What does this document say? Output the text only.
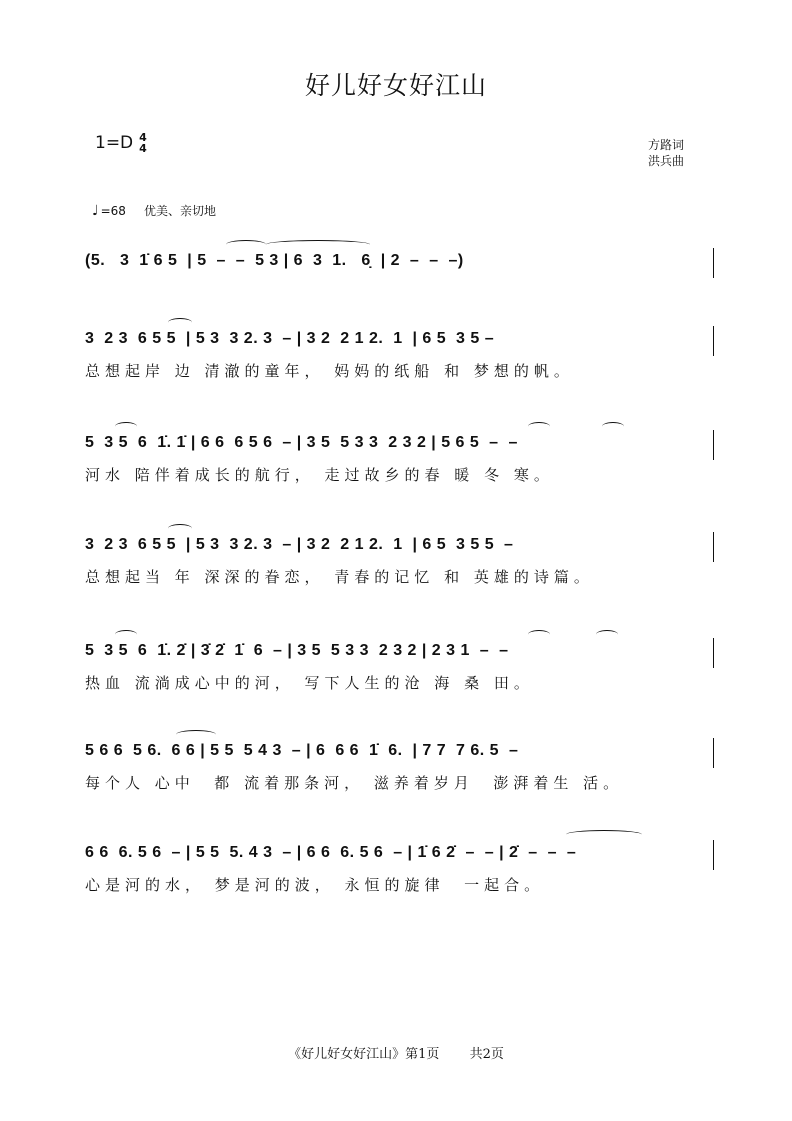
好儿好女好江山
1=D 4
4	方路词
洪兵曲
♩ =68 优美、亲切地
(5.   3  1̇ 6 5  | 5  –  –  5 3 | 6  3  1.   6̣  | 2  –  –  –)
3  2 3  6 5 5  | 5 3  3 2. 3  – | 3 2  2 1 2.  1  | 6 5  3 5 –
总想起岸 边 清澈的童年， 妈妈的纸船 和 梦想的帆。
5  3 5  6  1̇. 1̇ | 6 6  6 5 6  – | 3 5  5 3 3  2 3 2 | 5 6 5  –  –
河水 陪伴着成长的航行， 走过故乡的春 暖 冬 寒。
3  2 3  6 5 5  | 5 3  3 2. 3  – | 3 2  2 1 2.  1  | 6 5  3 5 5  –
总想起当 年 深深的眷恋， 青春的记忆 和 英雄的诗篇。
5  3 5  6  1̇. 2̇ | 3̇ 2̇  1̇  6  – | 3 5  5 3 3  2 3 2 | 2 3 1  –  –
热血 流淌成心中的河， 写下人生的沧 海 桑 田。
5 6 6  5 6.  6 6 | 5 5  5 4 3  – | 6  6 6  1̇  6.  | 7 7  7 6. 5  –
每个人 心中  都 流着那条河， 滋养着岁月  澎湃着生 活。
6 6  6. 5 6  – | 5 5  5. 4 3  – | 6 6  6. 5 6  – | 1̇ 6 2̇  –  – | 2̇  –  –  –
心是河的水， 梦是河的波， 永恒的旋律  一起合。
《好儿好女好江山》第1页 共2页
